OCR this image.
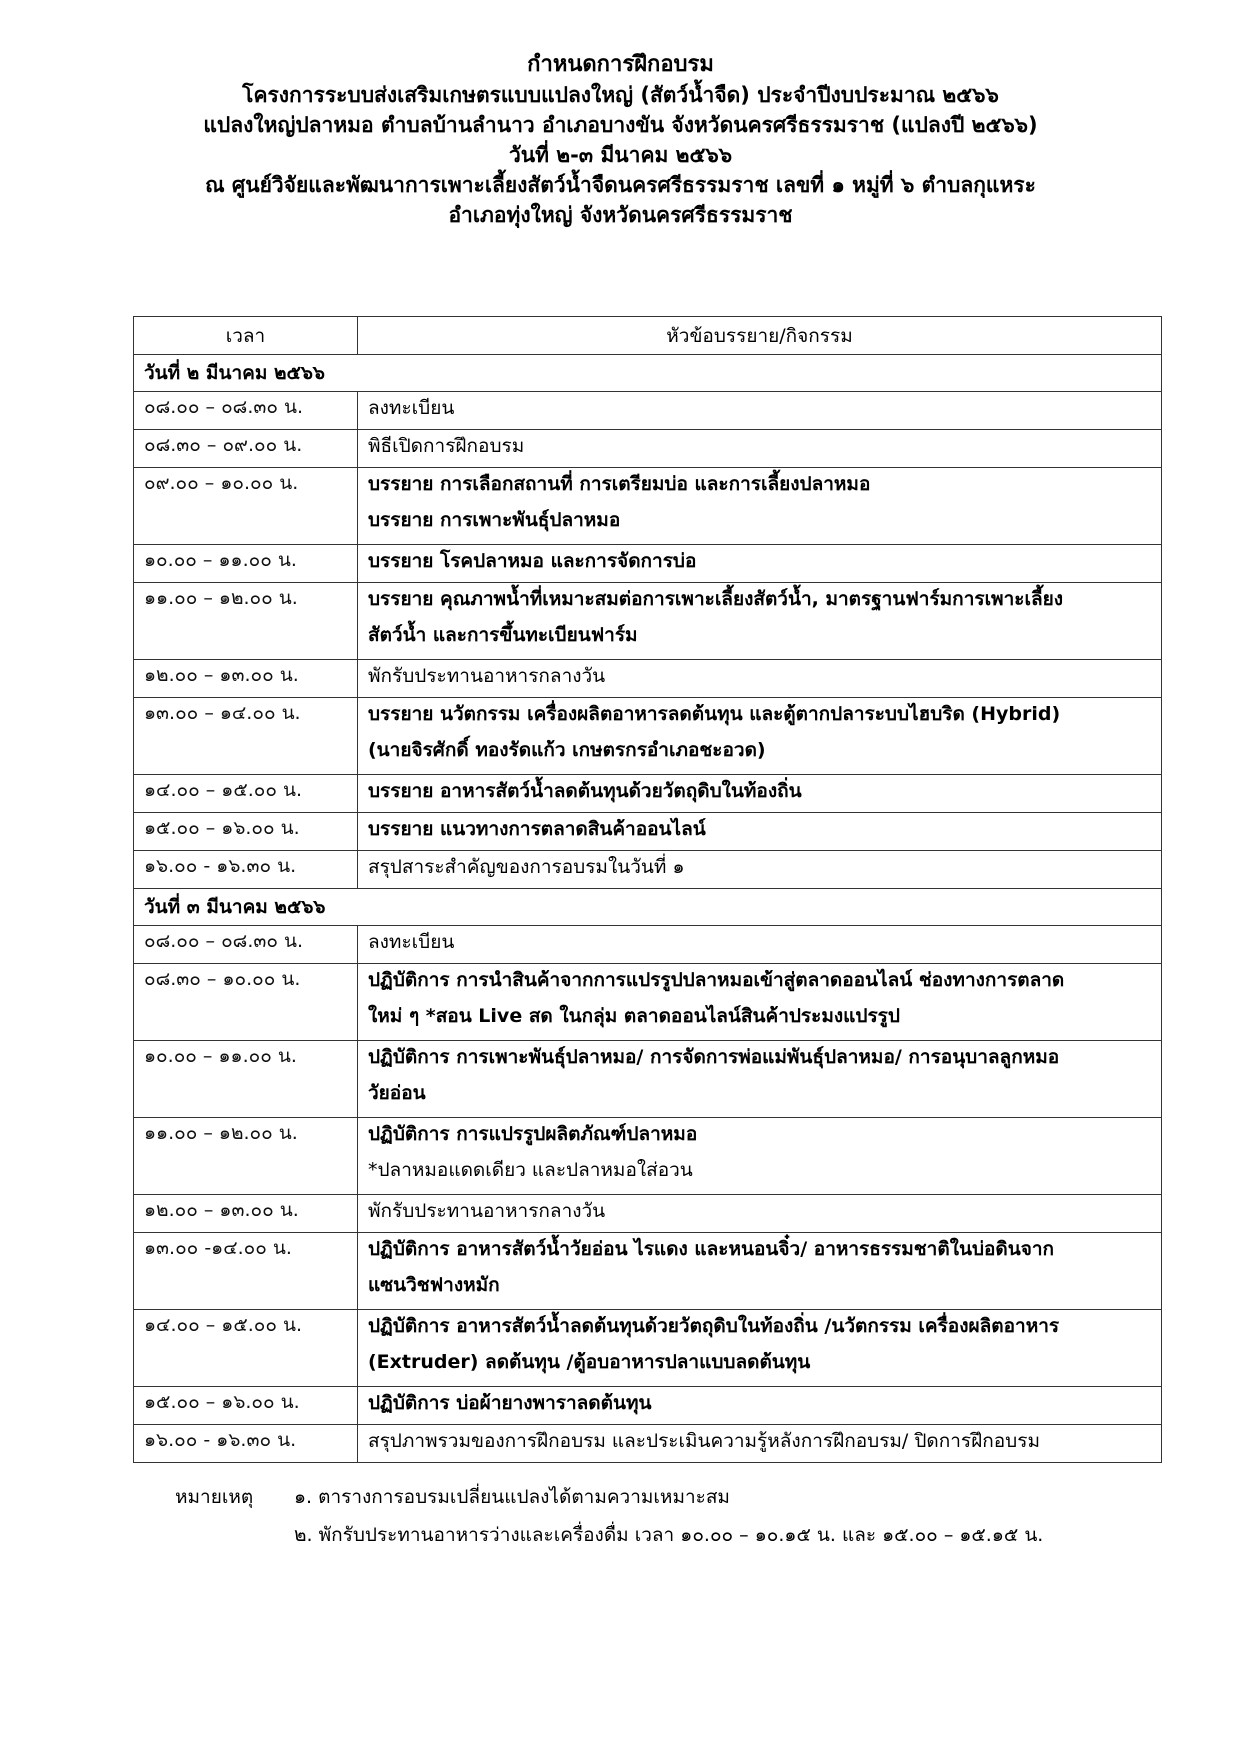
กำหนดการฝึกอบรม
โครงการระบบส่งเสริมเกษตรแบบแปลงใหญ่ (สัตว์น้ำจืด) ประจำปีงบประมาณ ๒๕๖๖
แปลงใหญ่ปลาหมอ ตำบลบ้านลำนาว อำเภอบางขัน จังหวัดนครศรีธรรมราช (แปลงปี ๒๕๖๖)
วันที่ ๒-๓ มีนาคม ๒๕๖๖
ณ ศูนย์วิจัยและพัฒนาการเพาะเลี้ยงสัตว์น้ำจืดนครศรีธรรมราช เลขที่ ๑ หมู่ที่ ๖ ตำบลกุแหระ
อำเภอทุ่งใหญ่ จังหวัดนครศรีธรรมราช
เวลา	หัวข้อบรรยาย/กิจกรรม
วันที่ ๒ มีนาคม ๒๕๖๖	
๐๘.๐๐ – ๐๘.๓๐ น.	ลงทะเบียน

๐๘.๓๐ – ๐๙.๐๐ น.	พิธีเปิดการฝึกอบรม

๐๙.๐๐ – ๑๐.๐๐ น.	บรรยาย การเลือกสถานที่ การเตรียมบ่อ และการเลี้ยงปลาหมอ
บรรยาย การเพาะพันธุ์ปลาหมอ

๑๐.๐๐ – ๑๑.๐๐ น.	บรรยาย โรคปลาหมอ และการจัดการบ่อ

๑๑.๐๐ – ๑๒.๐๐ น.	บรรยาย คุณภาพน้ำที่เหมาะสมต่อการเพาะเลี้ยงสัตว์น้ำ, มาตรฐานฟาร์มการเพาะเลี้ยง
สัตว์น้ำ และการขึ้นทะเบียนฟาร์ม

๑๒.๐๐ – ๑๓.๐๐ น.	พักรับประทานอาหารกลางวัน

๑๓.๐๐ – ๑๔.๐๐ น.	บรรยาย นวัตกรรม เครื่องผลิตอาหารลดต้นทุน และตู้ตากปลาระบบไฮบริด (Hybrid)
(นายจิรศักดิ์ ทองรัดแก้ว เกษตรกรอำเภอชะอวด)

๑๔.๐๐ – ๑๕.๐๐ น.	บรรยาย อาหารสัตว์น้ำลดต้นทุนด้วยวัตถุดิบในท้องถิ่น

๑๕.๐๐ – ๑๖.๐๐ น.	บรรยาย แนวทางการตลาดสินค้าออนไลน์

๑๖.๐๐ - ๑๖.๓๐ น.	สรุปสาระสำคัญของการอบรมในวันที่ ๑

วันที่ ๓ มีนาคม ๒๕๖๖	
๐๘.๐๐ – ๐๘.๓๐ น.	ลงทะเบียน

๐๘.๓๐ – ๑๐.๐๐ น.	ปฏิบัติการ การนำสินค้าจากการแปรรูปปลาหมอเข้าสู่ตลาดออนไลน์ ช่องทางการตลาด
ใหม่ ๆ *สอน Live สด ในกลุ่ม ตลาดออนไลน์สินค้าประมงแปรรูป

๑๐.๐๐ – ๑๑.๐๐ น.	ปฏิบัติการ การเพาะพันธุ์ปลาหมอ/ การจัดการพ่อแม่พันธุ์ปลาหมอ/ การอนุบาลลูกหมอ
วัยอ่อน

๑๑.๐๐ – ๑๒.๐๐ น.	ปฏิบัติการ การแปรรูปผลิตภัณฑ์ปลาหมอ
*ปลาหมอแดดเดียว และปลาหมอใส่อวน

๑๒.๐๐ – ๑๓.๐๐ น.	พักรับประทานอาหารกลางวัน

๑๓.๐๐ -๑๔.๐๐ น.	ปฏิบัติการ อาหารสัตว์น้ำวัยอ่อน ไรแดง และหนอนจิ๋ว/ อาหารธรรมชาติในบ่อดินจาก
แซนวิชฟางหมัก

๑๔.๐๐ – ๑๕.๐๐ น.	ปฏิบัติการ อาหารสัตว์น้ำลดต้นทุนด้วยวัตถุดิบในท้องถิ่น /นวัตกรรม เครื่องผลิตอาหาร
(Extruder) ลดต้นทุน /ตู้อบอาหารปลาแบบลดต้นทุน

๑๕.๐๐ – ๑๖.๐๐ น.	ปฏิบัติการ บ่อผ้ายางพาราลดต้นทุน

๑๖.๐๐ - ๑๖.๓๐ น.	สรุปภาพรวมของการฝึกอบรม และประเมินความรู้หลังการฝึกอบรม/ ปิดการฝึกอบรม
หมายเหตุ	๑. ตารางการอบรมเปลี่ยนแปลงได้ตามความเหมาะสม
๒. พักรับประทานอาหารว่างและเครื่องดื่ม เวลา ๑๐.๐๐ – ๑๐.๑๕ น. และ ๑๕.๐๐ – ๑๕.๑๕ น.
